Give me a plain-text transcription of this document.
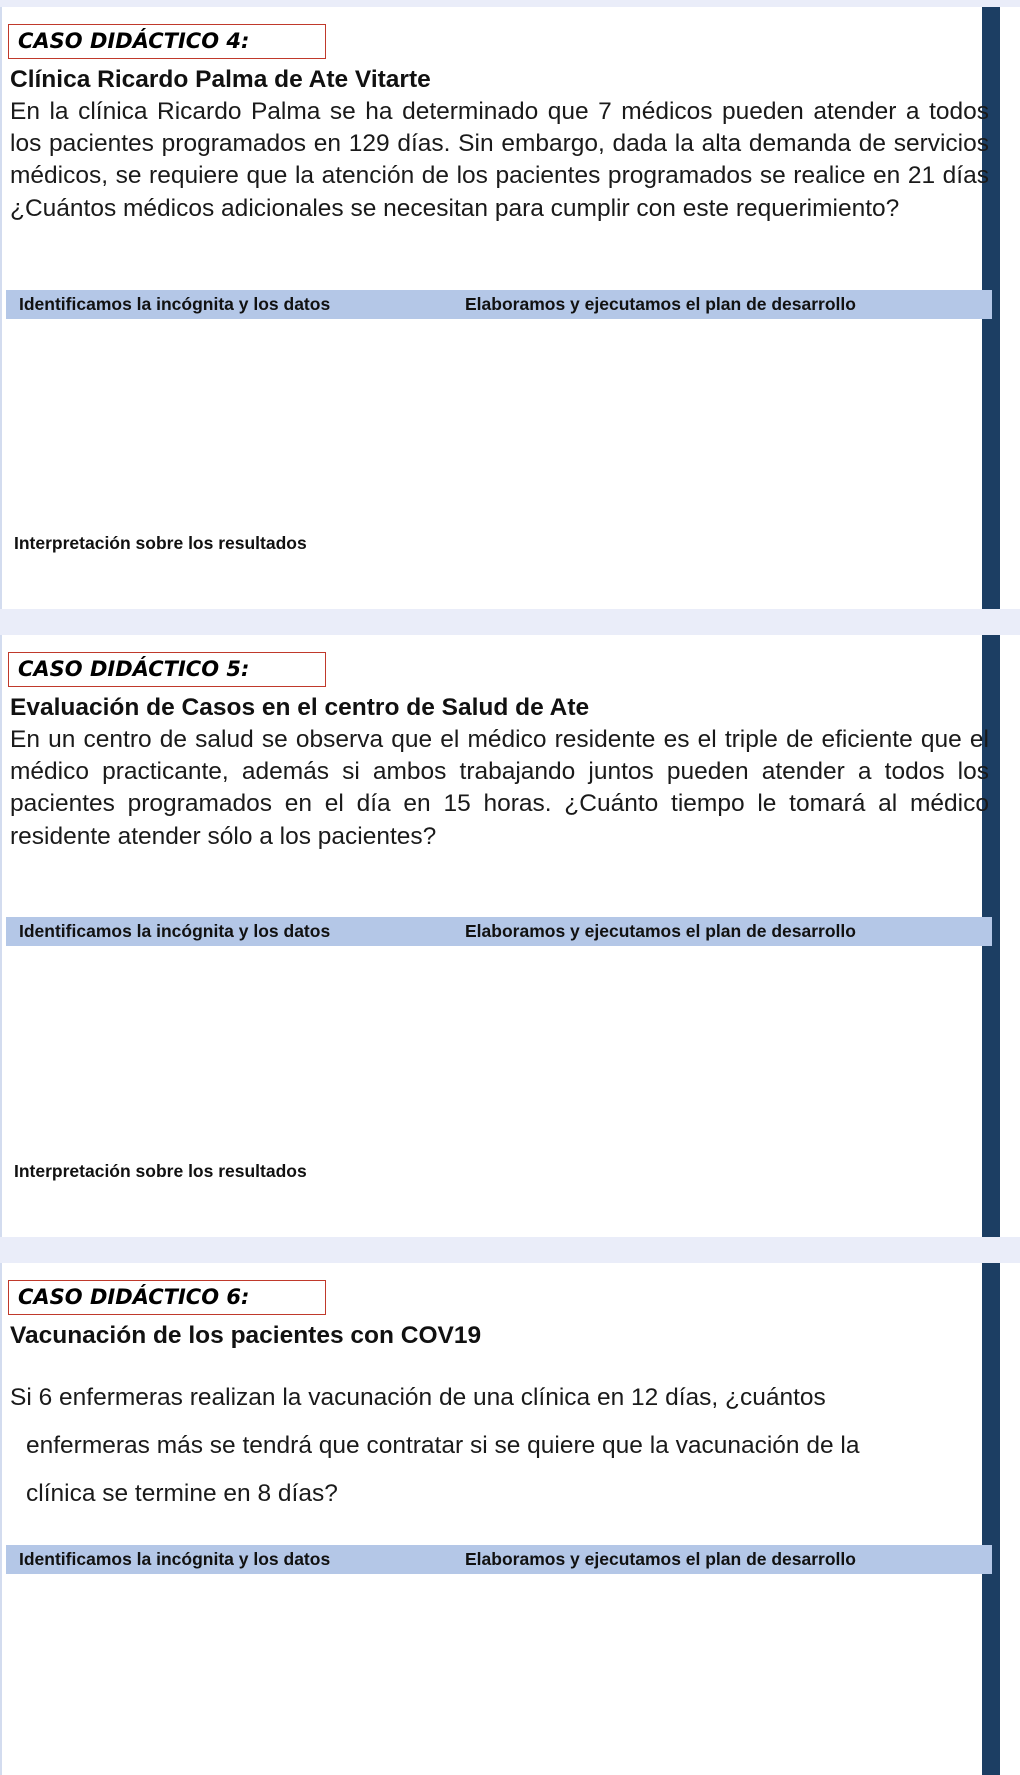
CASO DIDÁCTICO 4:
Clínica Ricardo Palma de Ate Vitarte
En la clínica Ricardo Palma se ha determinado que 7 médicos pueden atender a todos los pacientes programados en 129 días. Sin embargo, dada la alta demanda de servicios médicos, se requiere que la atención de los pacientes programados se realice en 21 días ¿Cuántos médicos adicionales se necesitan para cumplir con este requerimiento?
Identificamos la incógnita y los datos	Elaboramos y ejecutamos el plan de desarrollo
Interpretación sobre los resultados
CASO DIDÁCTICO 5:
Evaluación de Casos en el centro de Salud de Ate
En un centro de salud se observa que el médico residente es el triple de eficiente que el médico practicante, además si ambos trabajando juntos pueden atender a todos los pacientes programados en el día en 15 horas. ¿Cuánto tiempo le tomará al médico residente atender sólo a los pacientes?
Identificamos la incógnita y los datos	Elaboramos y ejecutamos el plan de desarrollo
Interpretación sobre los resultados
CASO DIDÁCTICO 6:
Vacunación de los pacientes con COV19
Si 6 enfermeras realizan la vacunación de una clínica en 12 días, ¿cuántos
enfermeras más se tendrá que contratar si se quiere que la vacunación de la
clínica se termine en 8 días?
Identificamos la incógnita y los datos	Elaboramos y ejecutamos el plan de desarrollo
